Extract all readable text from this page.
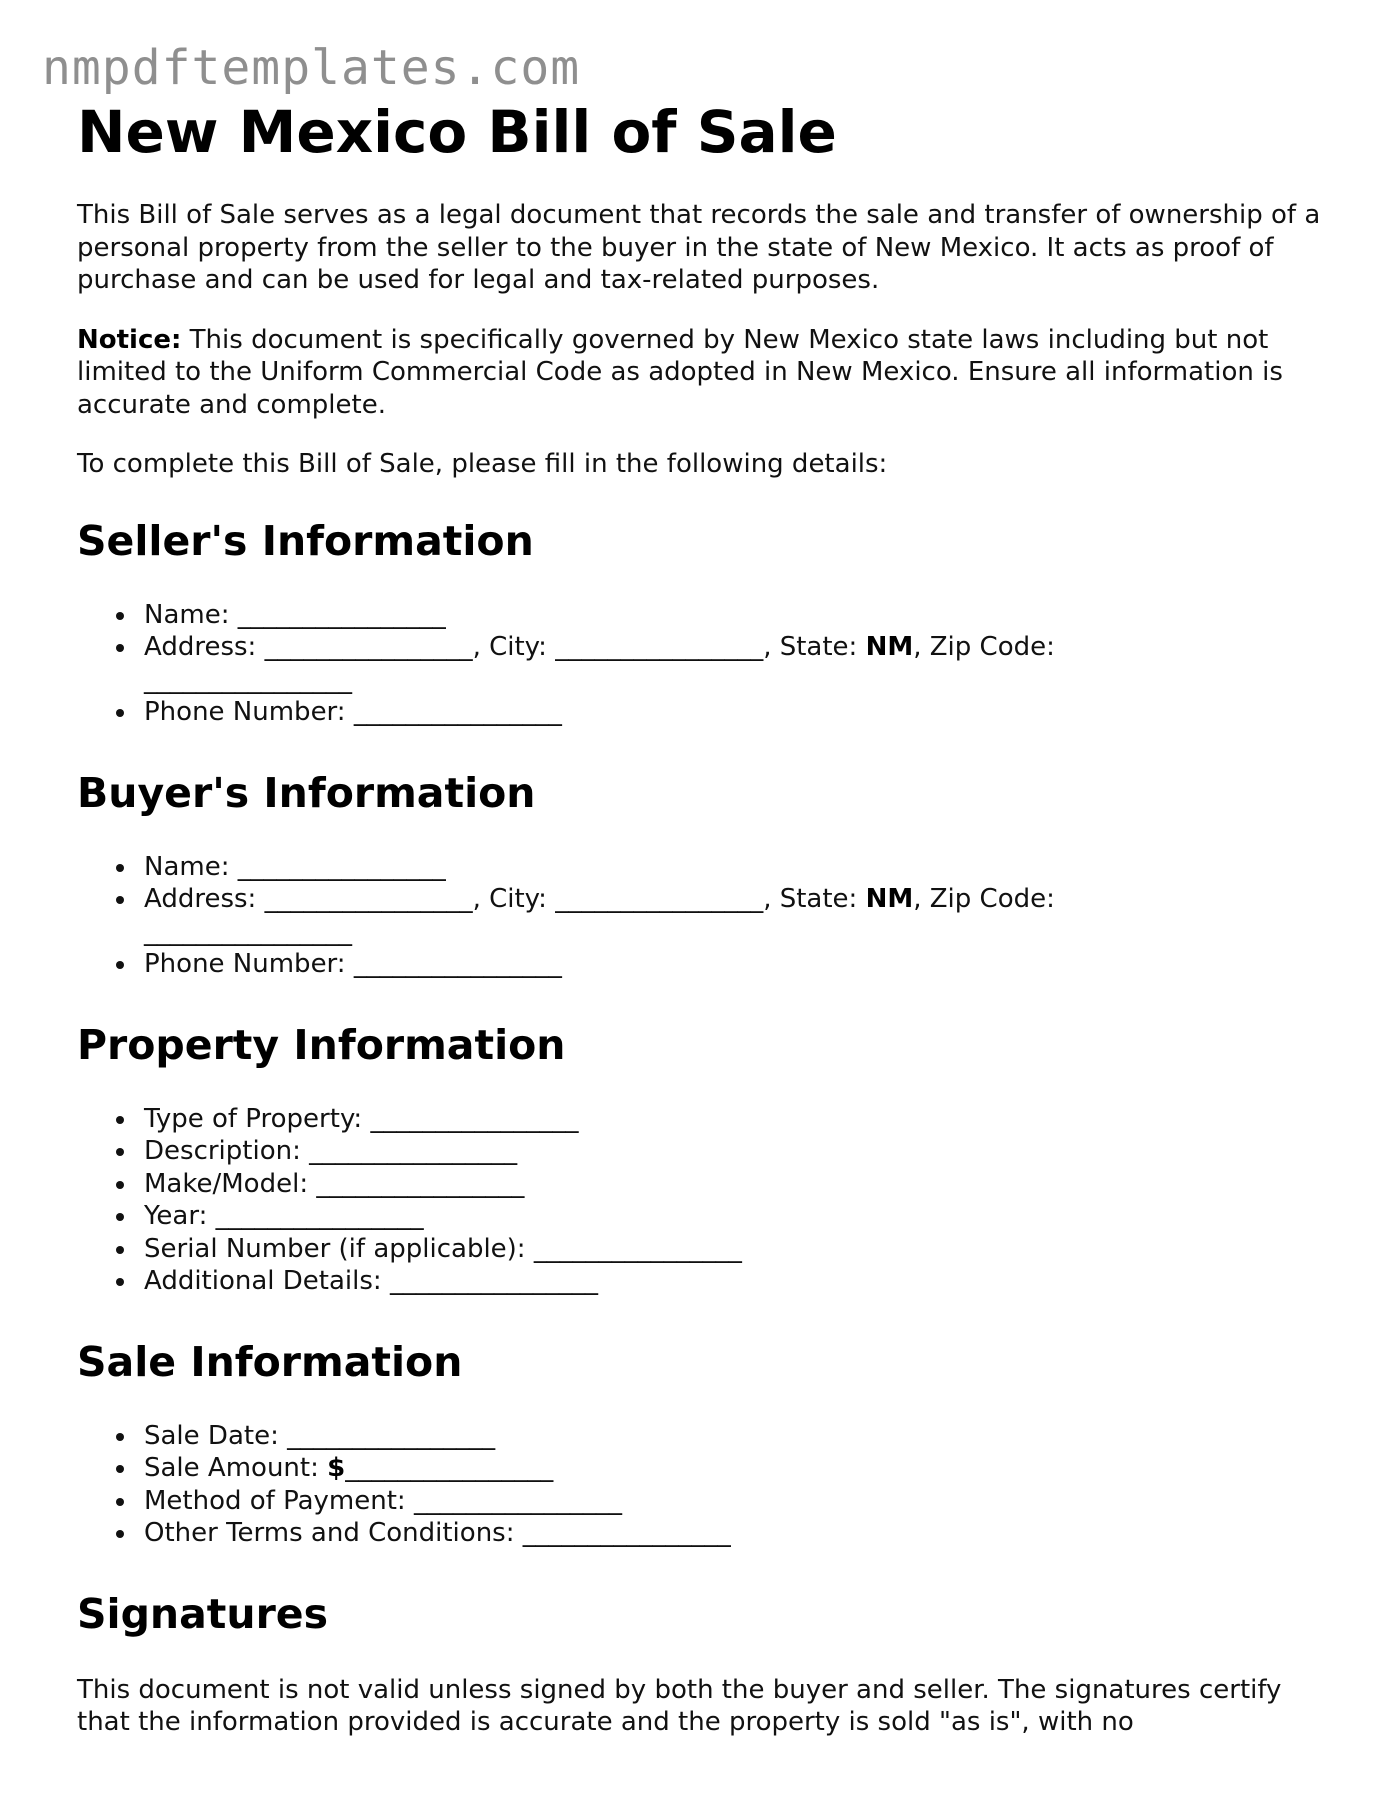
nmpdftemplates.com
New Mexico Bill of Sale

This Bill of Sale serves as a legal document that records the sale and transfer of ownership of a personal property from the seller to the buyer in the state of New Mexico. It acts as proof of purchase and can be used for legal and tax-related purposes.

Notice: This document is specifically governed by New Mexico state laws including but not limited to the Uniform Commercial Code as adopted in New Mexico. Ensure all information is accurate and complete.

To complete this Bill of Sale, please fill in the following details:

Seller's Information
Name: ________________
Address: ________________, City: ________________, State: NM, Zip Code:
________________
Phone Number: ________________
Buyer's Information
Name: ________________
Address: ________________, City: ________________, State: NM, Zip Code:
________________
Phone Number: ________________
Property Information
Type of Property: ________________
Description: ________________
Make/Model: ________________
Year: ________________
Serial Number (if applicable): ________________
Additional Details: ________________
Sale Information
Sale Date: ________________
Sale Amount: $________________
Method of Payment: ________________
Other Terms and Conditions: ________________
Signatures

This document is not valid unless signed by both the buyer and seller. The signatures certify that the information provided is accurate and the property is sold "as is", with no
